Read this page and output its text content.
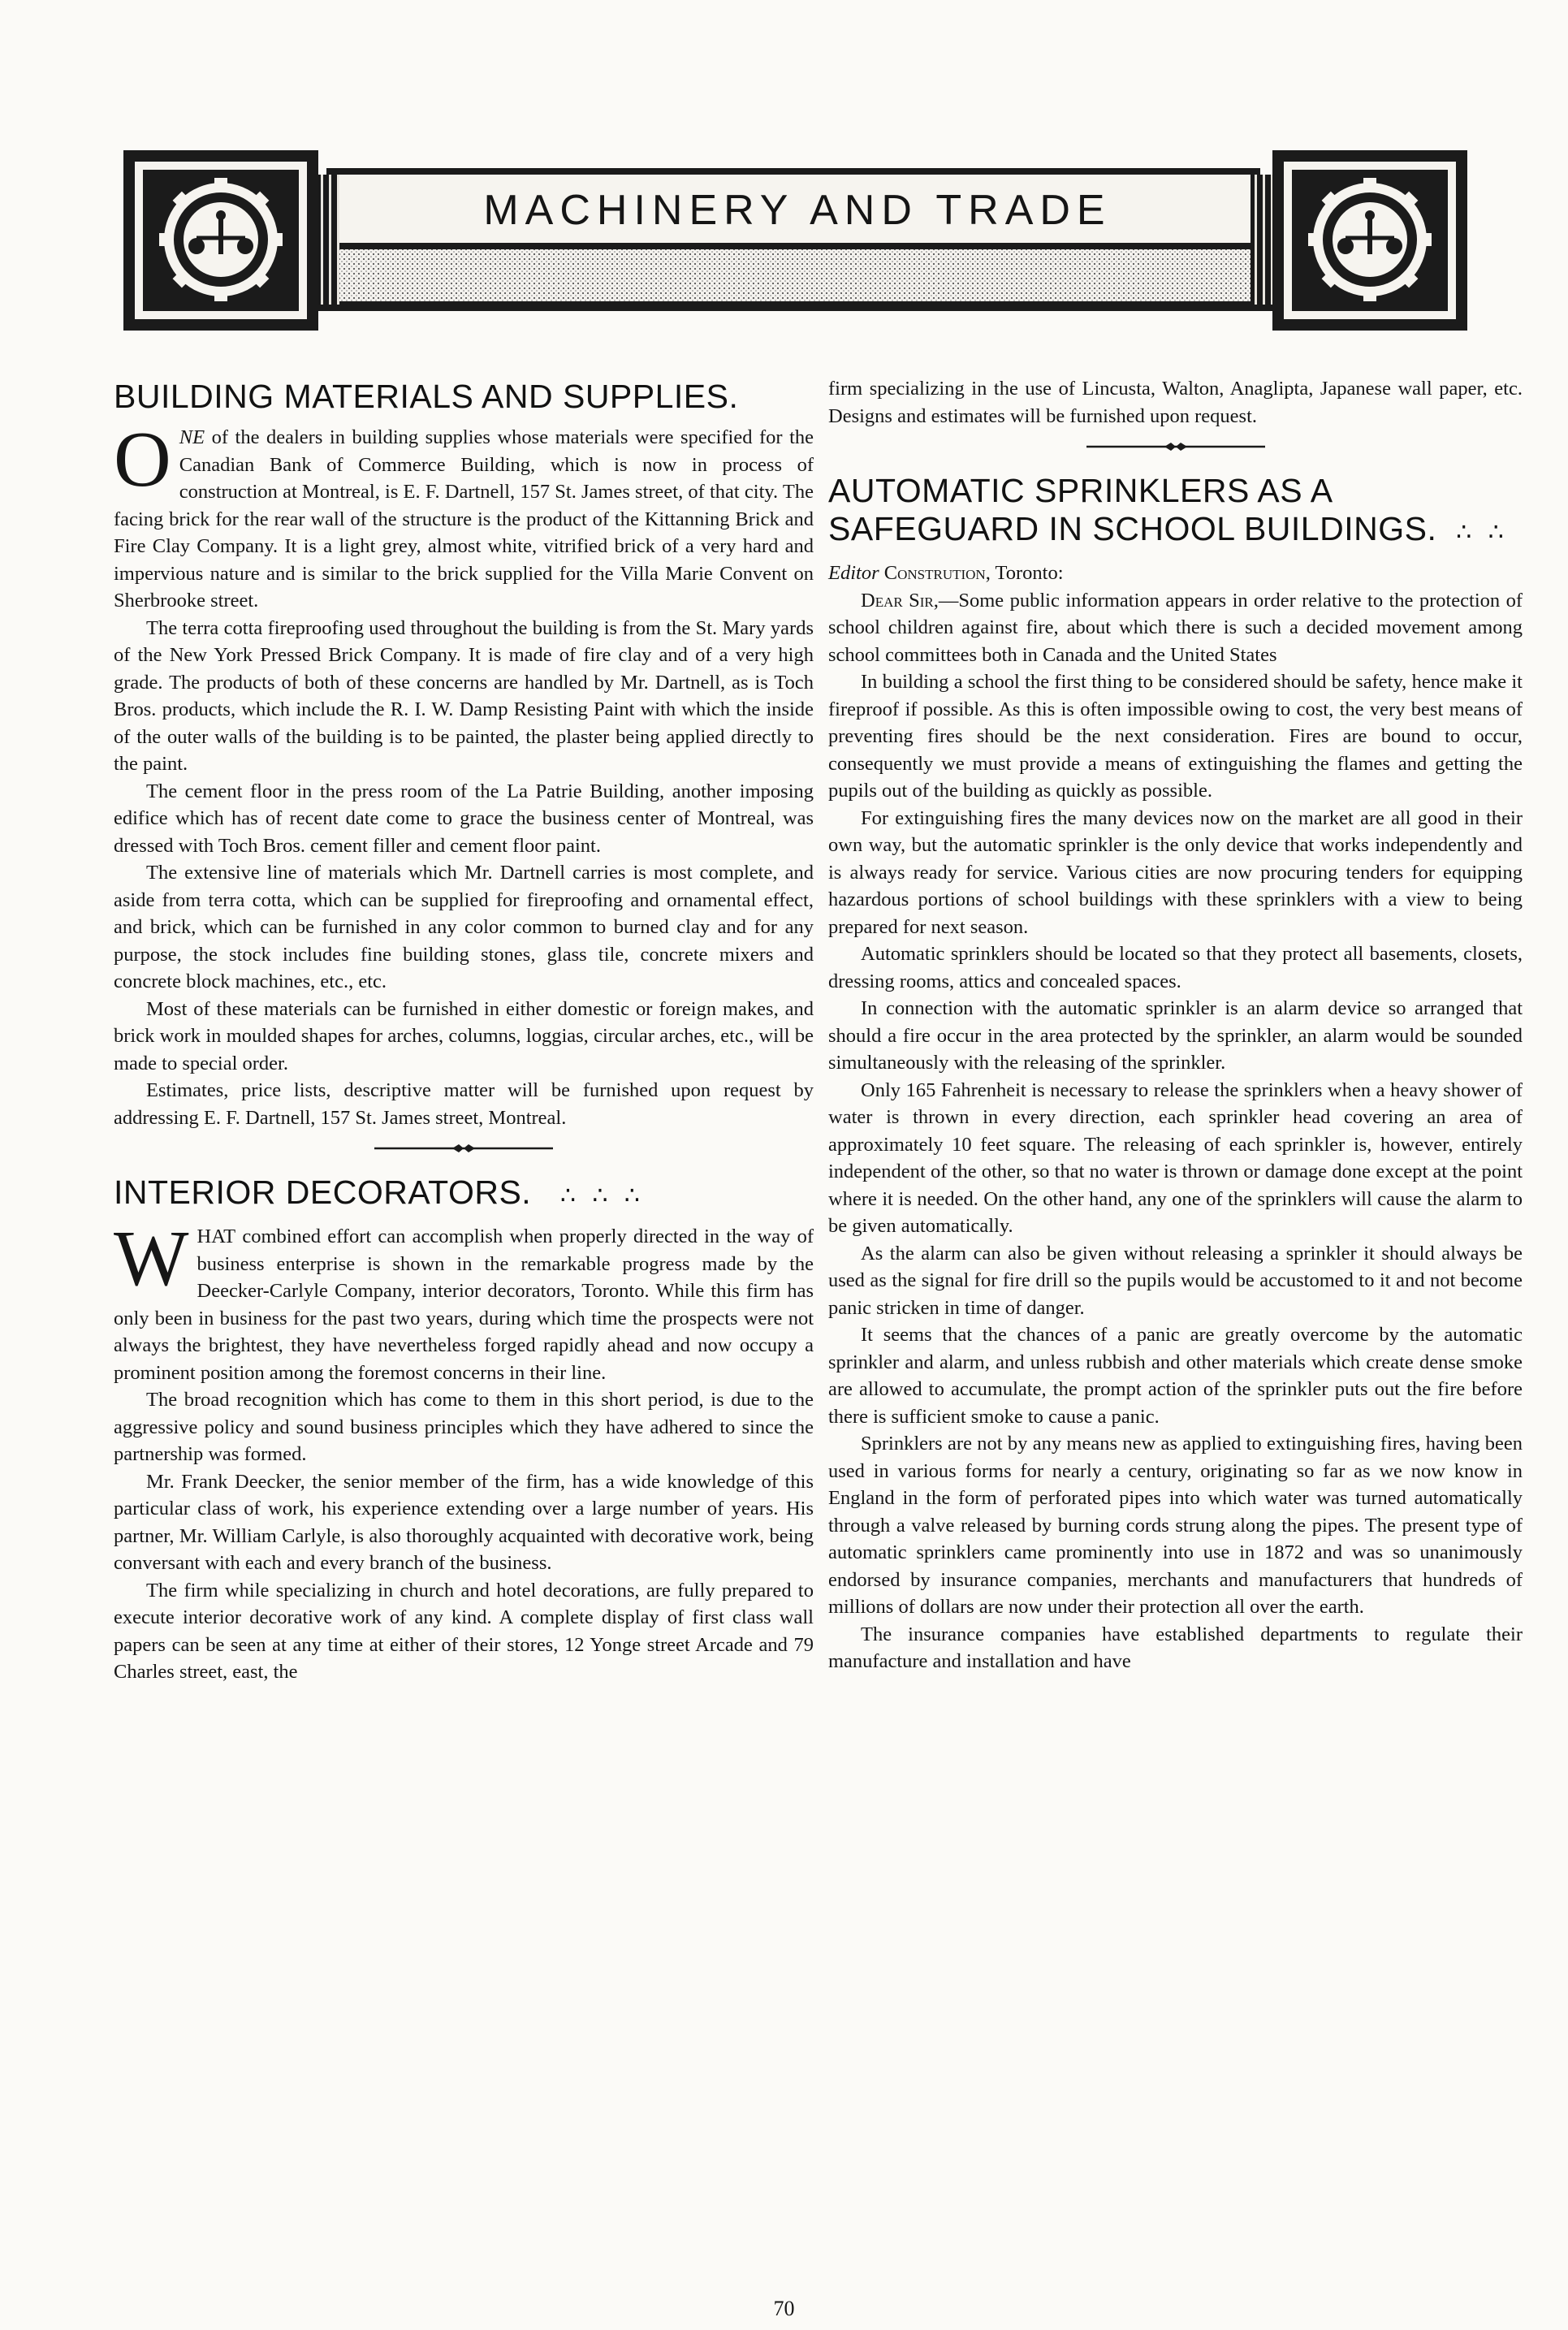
MACHINERY AND TRADE
BUILDING MATERIALS AND SUPPLIES.

ONE of the dealers in building supplies whose materials were specified for the Canadian Bank of Commerce Building, which is now in process of construction at Montreal, is E. F. Dartnell, 157 St. James street, of that city. The facing brick for the rear wall of the structure is the product of the Kittanning Brick and Fire Clay Company. It is a light grey, almost white, vitrified brick of a very hard and impervious nature and is similar to the brick supplied for the Villa Marie Convent on Sherbrooke street.

The terra cotta fireproofing used throughout the building is from the St. Mary yards of the New York Pressed Brick Company. It is made of fire clay and of a very high grade. The products of both of these concerns are handled by Mr. Dartnell, as is Toch Bros. products, which include the R. I. W. Damp Resisting Paint with which the inside of the outer walls of the building is to be painted, the plaster being applied directly to the paint.

The cement floor in the press room of the La Patrie Building, another imposing edifice which has of recent date come to grace the business center of Montreal, was dressed with Toch Bros. cement filler and cement floor paint.

The extensive line of materials which Mr. Dartnell carries is most complete, and aside from terra cotta, which can be supplied for fireproofing and ornamental effect, and brick, which can be furnished in any color common to burned clay and for any purpose, the stock includes fine building stones, glass tile, concrete mixers and concrete block machines, etc., etc.

Most of these materials can be furnished in either domestic or foreign makes, and brick work in moulded shapes for arches, columns, loggias, circular arches, etc., will be made to special order.

Estimates, price lists, descriptive matter will be furnished upon request by addressing E. F. Dartnell, 157 St. James street, Montreal.

INTERIOR DECORATORS. ∴ ∴ ∴

WHAT combined effort can accomplish when properly directed in the way of business enterprise is shown in the remarkable progress made by the Deecker-Carlyle Company, interior decorators, Toronto. While this firm has only been in business for the past two years, during which time the prospects were not always the brightest, they have nevertheless forged rapidly ahead and now occupy a prominent position among the foremost concerns in their line.

The broad recognition which has come to them in this short period, is due to the aggressive policy and sound business principles which they have adhered to since the partnership was formed.

Mr. Frank Deecker, the senior member of the firm, has a wide knowledge of this particular class of work, his experience extending over a large number of years. His partner, Mr. William Carlyle, is also thoroughly acquainted with decorative work, being conversant with each and every branch of the business.

The firm while specializing in church and hotel decorations, are fully prepared to execute interior decorative work of any kind. A complete display of first class wall papers can be seen at any time at either of their stores, 12 Yonge street Arcade and 79 Charles street, east, the

firm specializing in the use of Lincusta, Walton, Anaglipta, Japanese wall paper, etc. Designs and estimates will be furnished upon request.

AUTOMATIC SPRINKLERS AS A SAFEGUARD IN SCHOOL BUILDINGS. ∴ ∴

Editor Constrution, Toronto:

Dear Sir,—Some public information appears in order relative to the protection of school children against fire, about which there is such a decided movement among school committees both in Canada and the United States

In building a school the first thing to be considered should be safety, hence make it fireproof if possible. As this is often impossible owing to cost, the very best means of preventing fires should be the next consideration. Fires are bound to occur, consequently we must provide a means of extinguishing the flames and getting the pupils out of the building as quickly as possible.

For extinguishing fires the many devices now on the market are all good in their own way, but the automatic sprinkler is the only device that works independently and is always ready for service. Various cities are now procuring tenders for equipping hazardous portions of school buildings with these sprinklers with a view to being prepared for next season.

Automatic sprinklers should be located so that they protect all basements, closets, dressing rooms, attics and concealed spaces.

In connection with the automatic sprinkler is an alarm device so arranged that should a fire occur in the area protected by the sprinkler, an alarm would be sounded simultaneously with the releasing of the sprinkler.

Only 165 Fahrenheit is necessary to release the sprinklers when a heavy shower of water is thrown in every direction, each sprinkler head covering an area of approximately 10 feet square. The releasing of each sprinkler is, however, entirely independent of the other, so that no water is thrown or damage done except at the point where it is needed. On the other hand, any one of the sprinklers will cause the alarm to be given automatically.

As the alarm can also be given without releasing a sprinkler it should always be used as the signal for fire drill so the pupils would be accustomed to it and not become panic stricken in time of danger.

It seems that the chances of a panic are greatly overcome by the automatic sprinkler and alarm, and unless rubbish and other materials which create dense smoke are allowed to accumulate, the prompt action of the sprinkler puts out the fire before there is sufficient smoke to cause a panic.

Sprinklers are not by any means new as applied to extinguishing fires, having been used in various forms for nearly a century, originating so far as we now know in England in the form of perforated pipes into which water was turned automatically through a valve released by burning cords strung along the pipes. The present type of automatic sprinklers came prominently into use in 1872 and was so unanimously endorsed by insurance companies, merchants and manufacturers that hundreds of millions of dollars are now under their protection all over the earth.

The insurance companies have established departments to regulate their manufacture and installation and have

70
